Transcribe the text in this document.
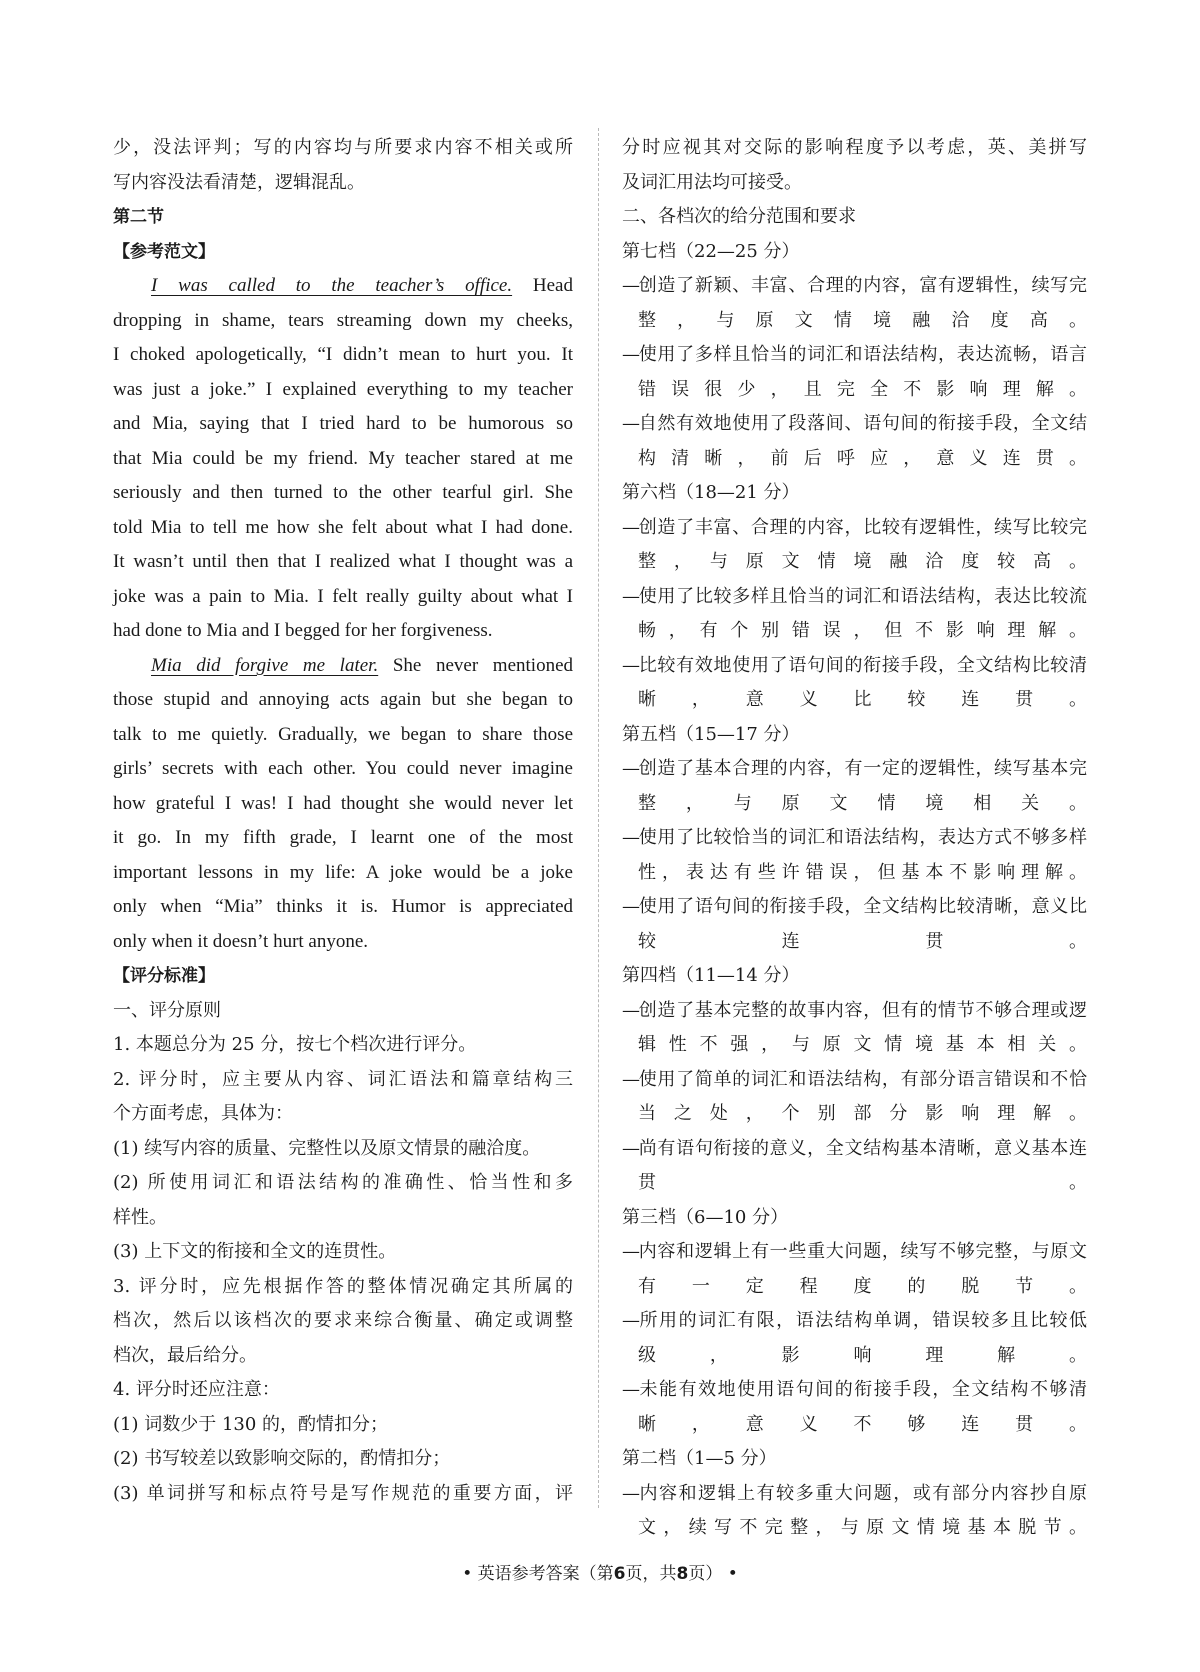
少，没法评判；写的内容均与所要求内容不相关或所

写内容没法看清楚，逻辑混乱。

第二节

【参考范文】

I was called to the teacher’s office. Head

dropping in shame, tears streaming down my cheeks,

I choked apologetically, “I didn’t mean to hurt you. It

was just a joke.” I explained everything to my teacher

and Mia, saying that I tried hard to be humorous so

that Mia could be my friend. My teacher stared at me

seriously and then turned to the other tearful girl. She

told Mia to tell me how she felt about what I had done.

It wasn’t until then that I realized what I thought was a

joke was a pain to Mia. I felt really guilty about what I

had done to Mia and I begged for her forgiveness.

Mia did forgive me later. She never mentioned

those stupid and annoying acts again but she began to

talk to me quietly. Gradually, we began to share those

girls’ secrets with each other. You could never imagine

how grateful I was! I had thought she would never let

it go. In my fifth grade, I learnt one of the most

important lessons in my life: A joke would be a joke

only when “Mia” thinks it is. Humor is appreciated

only when it doesn’t hurt anyone.

【评分标准】

一、评分原则

1. 本题总分为 25 分，按七个档次进行评分。

2. 评分时，应主要从内容、词汇语法和篇章结构三

个方面考虑，具体为：

(1) 续写内容的质量、完整性以及原文情景的融洽度。

(2) 所使用词汇和语法结构的准确性、恰当性和多

样性。

(3) 上下文的衔接和全文的连贯性。

3. 评分时，应先根据作答的整体情况确定其所属的

档次，然后以该档次的要求来综合衡量、确定或调整

档次，最后给分。

4. 评分时还应注意：

(1) 词数少于 130 的，酌情扣分；

(2) 书写较差以致影响交际的，酌情扣分；

(3) 单词拼写和标点符号是写作规范的重要方面，评

分时应视其对交际的影响程度予以考虑，英、美拼写

及词汇用法均可接受。

二、各档次的给分范围和要求

第七档（22—25 分）

—创造了新颖、丰富、合理的内容，富有逻辑性，续写完整，与原文情境融洽度高。

—使用了多样且恰当的词汇和语法结构，表达流畅，语言错误很少，且完全不影响理解。

—自然有效地使用了段落间、语句间的衔接手段，全文结构清晰，前后呼应，意义连贯。

第六档（18—21 分）

—创造了丰富、合理的内容，比较有逻辑性，续写比较完整，与原文情境融洽度较高。

—使用了比较多样且恰当的词汇和语法结构，表达比较流畅，有个别错误，但不影响理解。

—比较有效地使用了语句间的衔接手段，全文结构比较清晰，意义比较连贯。

第五档（15—17 分）

—创造了基本合理的内容，有一定的逻辑性，续写基本完整，与原文情境相关。

—使用了比较恰当的词汇和语法结构，表达方式不够多样性，表达有些许错误，但基本不影响理解。

—使用了语句间的衔接手段，全文结构比较清晰，意义比较连贯。

第四档（11—14 分）

—创造了基本完整的故事内容，但有的情节不够合理或逻辑性不强，与原文情境基本相关。

—使用了简单的词汇和语法结构，有部分语言错误和不恰当之处，个别部分影响理解。

—尚有语句衔接的意义，全文结构基本清晰，意义基本连贯。

第三档（6—10 分）

—内容和逻辑上有一些重大问题，续写不够完整，与原文有一定程度的脱节。

—所用的词汇有限，语法结构单调，错误较多且比较低级，影响理解。

—未能有效地使用语句间的衔接手段，全文结构不够清晰，意义不够连贯。

第二档（1—5 分）

—内容和逻辑上有较多重大问题，或有部分内容抄自原文，续写不完整，与原文情境基本脱节。

• 英语参考答案（第6页，共8页） •
